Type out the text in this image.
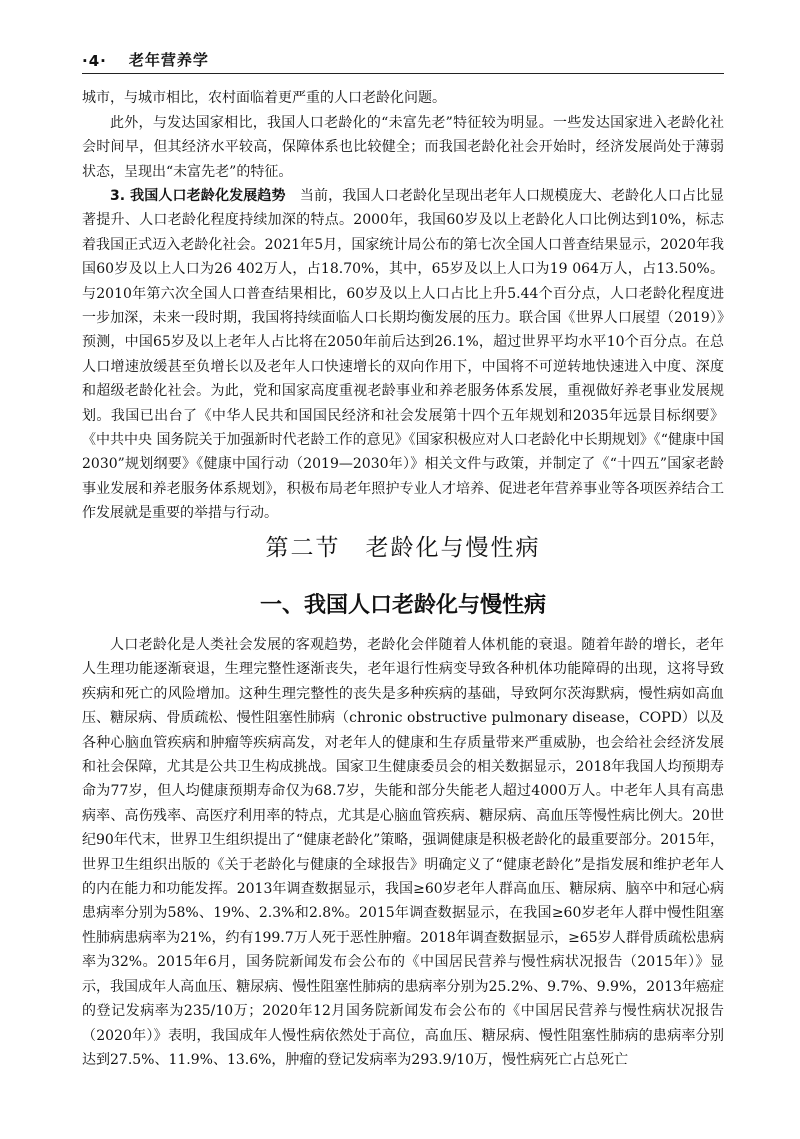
·4· 老年营养学

城市，与城市相比，农村面临着更严重的人口老龄化问题。

此外，与发达国家相比，我国人口老龄化的“未富先老”特征较为明显。一些发达国家进入老龄化社会时间早，但其经济水平较高，保障体系也比较健全；而我国老龄化社会开始时，经济发展尚处于薄弱状态，呈现出“未富先老”的特征。

3. 我国人口老龄化发展趋势　 当前，我国人口老龄化呈现出老年人口规模庞大、老龄化人口占比显著提升、人口老龄化程度持续加深的特点。2000年，我国60岁及以上老龄化人口比例达到10%，标志着我国正式迈入老龄化社会。2021年5月，国家统计局公布的第七次全国人口普查结果显示，2020年我国60岁及以上人口为26 402万人，占18.70%，其中，65岁及以上人口为19 064万人，占13.50%。与2010年第六次全国人口普查结果相比，60岁及以上人口占比上升5.44个百分点，人口老龄化程度进一步加深，未来一段时期，我国将持续面临人口长期均衡发展的压力。联合国《世界人口展望（2019）》预测，中国65岁及以上老年人占比将在2050年前后达到26.1%，超过世界平均水平10个百分点。在总人口增速放缓甚至负增长以及老年人口快速增长的双向作用下，中国将不可逆转地快速进入中度、深度和超级老龄化社会。为此，党和国家高度重视老龄事业和养老服务体系发展，重视做好养老事业发展规划。我国已出台了《中华人民共和国国民经济和社会发展第十四个五年规划和2035年远景目标纲要》《中共中央 国务院关于加强新时代老龄工作的意见》《国家积极应对人口老龄化中长期规划》《“健康中国 2030”规划纲要》《健康中国行动（2019—2030年）》相关文件与政策，并制定了《“十四五”国家老龄事业发展和养老服务体系规划》，积极布局老年照护专业人才培养、促进老年营养事业等各项医养结合工作发展就是重要的举措与行动。

第二节　老龄化与慢性病
一、我国人口老龄化与慢性病

人口老龄化是人类社会发展的客观趋势，老龄化会伴随着人体机能的衰退。随着年龄的增长，老年人生理功能逐渐衰退，生理完整性逐渐丧失，老年退行性病变导致各种机体功能障碍的出现，这将导致疾病和死亡的风险增加。这种生理完整性的丧失是多种疾病的基础，导致阿尔茨海默病，慢性病如高血压、糖尿病、骨质疏松、慢性阻塞性肺病（chronic obstructive pulmonary disease，COPD）以及各种心脑血管疾病和肿瘤等疾病高发，对老年人的健康和生存质量带来严重威胁，也会给社会经济发展和社会保障，尤其是公共卫生构成挑战。国家卫生健康委员会的相关数据显示，2018年我国人均预期寿命为77岁，但人均健康预期寿命仅为68.7岁，失能和部分失能老人超过4000万人。中老年人具有高患病率、高伤残率、高医疗利用率的特点，尤其是心脑血管疾病、糖尿病、高血压等慢性病比例大。20世纪90年代末，世界卫生组织提出了“健康老龄化”策略，强调健康是积极老龄化的最重要部分。2015年，世界卫生组织出版的《关于老龄化与健康的全球报告》明确定义了“健康老龄化”是指发展和维护老年人的内在能力和功能发挥。2013年调查数据显示，我国≥60岁老年人群高血压、糖尿病、脑卒中和冠心病患病率分别为58%、19%、2.3%和2.8%。2015年调查数据显示，在我国≥60岁老年人群中慢性阻塞性肺病患病率为21%，约有199.7万人死于恶性肿瘤。2018年调查数据显示，≥65岁人群骨质疏松患病率为32%。2015年6月，国务院新闻发布会公布的《中国居民营养与慢性病状况报告（2015年）》显示，我国成年人高血压、糖尿病、慢性阻塞性肺病的患病率分别为25.2%、9.7%、9.9%，2013年癌症的登记发病率为235/10万；2020年12月国务院新闻发布会公布的《中国居民营养与慢性病状况报告（2020年）》表明，我国成年人慢性病依然处于高位，高血压、糖尿病、慢性阻塞性肺病的患病率分别达到27.5%、11.9%、13.6%，肿瘤的登记发病率为293.9/10万，慢性病死亡占总死亡
